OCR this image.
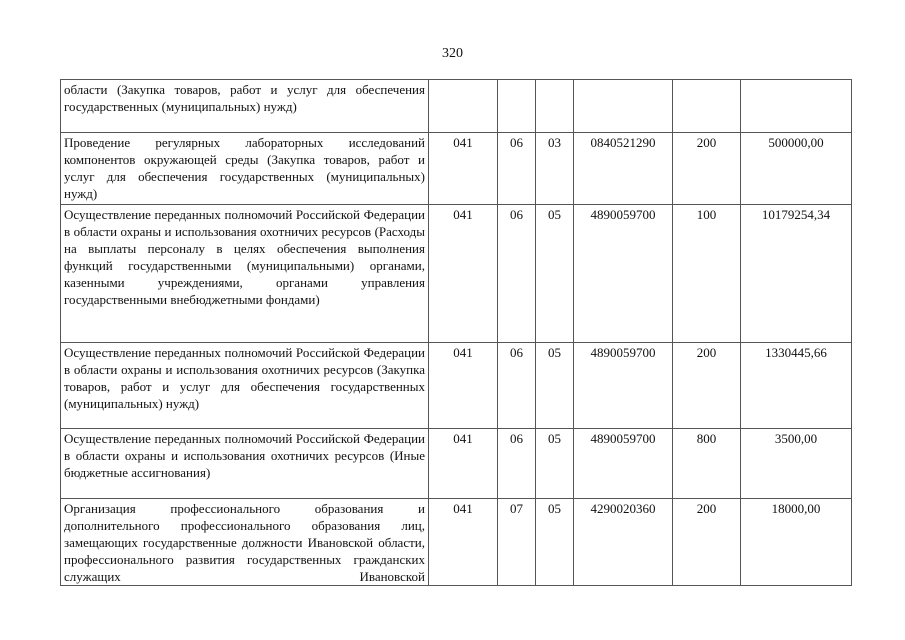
320
области (Закупка товаров, работ и услуг для обеспечения государственных (муниципальных) нужд)						
Проведение регулярных лабораторных исследований компонентов окружающей среды (Закупка товаров, работ и услуг для обеспечения государственных (муниципальных) нужд)	041	06	03	0840521290	200	500000,00
Осуществление переданных полномочий Российской Федерации в области охраны и использования охотничих ресурсов (Расходы на выплаты персоналу в целях обеспечения выполнения функций государственными (муниципальными) органами, казенными учреждениями, органами управления государственными внебюджетными фондами)	041	06	05	4890059700	100	10179254,34
Осуществление переданных полномочий Российской Федерации в области охраны и использования охотничих ресурсов (Закупка товаров, работ и услуг для обеспечения государственных (муниципальных) нужд)	041	06	05	4890059700	200	1330445,66
Осуществление переданных полномочий Российской Федерации в области охраны и использования охотничих ресурсов (Иные бюджетные ассигнования)	041	06	05	4890059700	800	3500,00
Организация профессионального образования и дополнительного профессионального образования лиц, замещающих государственные должности Ивановской области, профессионального развития государственных гражданских служащих Ивановской	041	07	05	4290020360	200	18000,00
